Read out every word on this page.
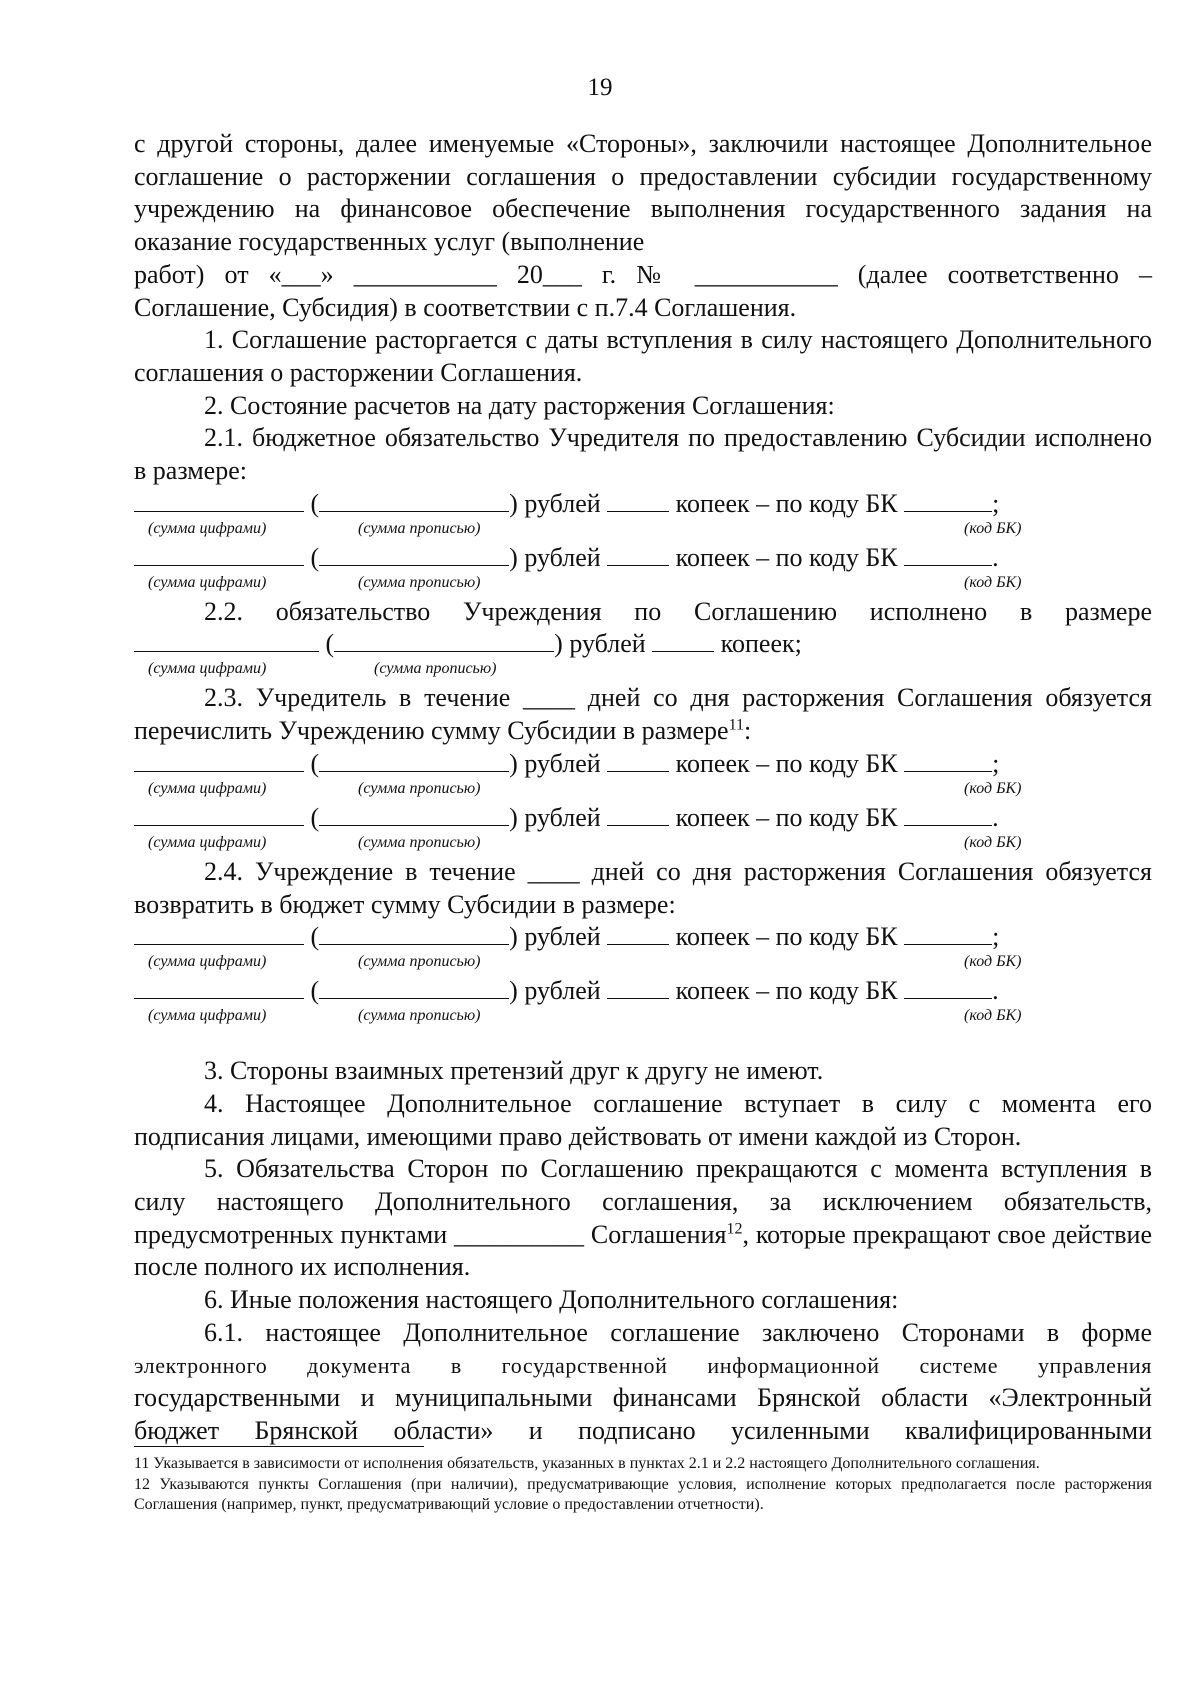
19

с другой стороны, далее именуемые «Стороны», заключили настоящее Дополнительное соглашение о расторжении соглашения о предоставлении субсидии государственному учреждению на финансовое обеспечение выполнения государственного задания на оказание государственных услуг (выполнение

работ) от «___» ___________ 20___ г. № ___________ (далее соответственно –

Соглашение, Субсидия) в соответствии с п.7.4 Соглашения.

1. Соглашение расторгается с даты вступления в силу настоящего Дополнительного соглашения о расторжении Соглашения.

2. Состояние расчетов на дату расторжения Соглашения:

2.1. бюджетное обязательство Учредителя по предоставлению Субсидии исполнено в размере:

(	) рублей	копеек – по коду БК	;
(сумма цифрами)	(сумма прописью)	(код БК)
(	) рублей	копеек – по коду БК	.
(сумма цифрами)	(сумма прописью)	(код БК)

2.2. обязательство Учреждения по Соглашению исполнено в размере

(	) рублей	копеек;
(сумма цифрами)	(сумма прописью)

2.3. Учредитель в течение ____ дней со дня расторжения Соглашения обязуется перечислить Учреждению сумму Субсидии в размере$^{11}$:

(	) рублей	копеек – по коду БК	;
(сумма цифрами)	(сумма прописью)	(код БК)
(	) рублей	копеек – по коду БК	.
(сумма цифрами)	(сумма прописью)	(код БК)

2.4. Учреждение в течение ____ дней со дня расторжения Соглашения обязуется возвратить в бюджет сумму Субсидии в размере:

(	) рублей	копеек – по коду БК	;
(сумма цифрами)	(сумма прописью)	(код БК)
(	) рублей	копеек – по коду БК	.
(сумма цифрами)	(сумма прописью)	(код БК)

3. Стороны взаимных претензий друг к другу не имеют.

4. Настоящее Дополнительное соглашение вступает в силу с момента его подписания лицами, имеющими право действовать от имени каждой из Сторон.

5. Обязательства Сторон по Соглашению прекращаются с момента вступления в силу настоящего Дополнительного соглашения, за исключением обязательств, предусмотренных пунктами __________ Соглашения$^{12}$, которые прекращают свое действие после полного их исполнения.

6. Иные положения настоящего Дополнительного соглашения:

6.1. настоящее Дополнительное соглашение заключено Сторонами в форме

электронного документа в государственной информационной системе управления

государственными и муниципальными финансами Брянской области «Электронный бюджет Брянской области» и подписано усиленными квалифицированными

11 Указывается в зависимости от исполнения обязательств, указанных в пунктах 2.1 и 2.2 настоящего Дополнительного соглашения.

12 Указываются пункты Соглашения (при наличии), предусматривающие условия, исполнение которых предполагается после расторжения Соглашения (например, пункт, предусматривающий условие о предоставлении отчетности).
